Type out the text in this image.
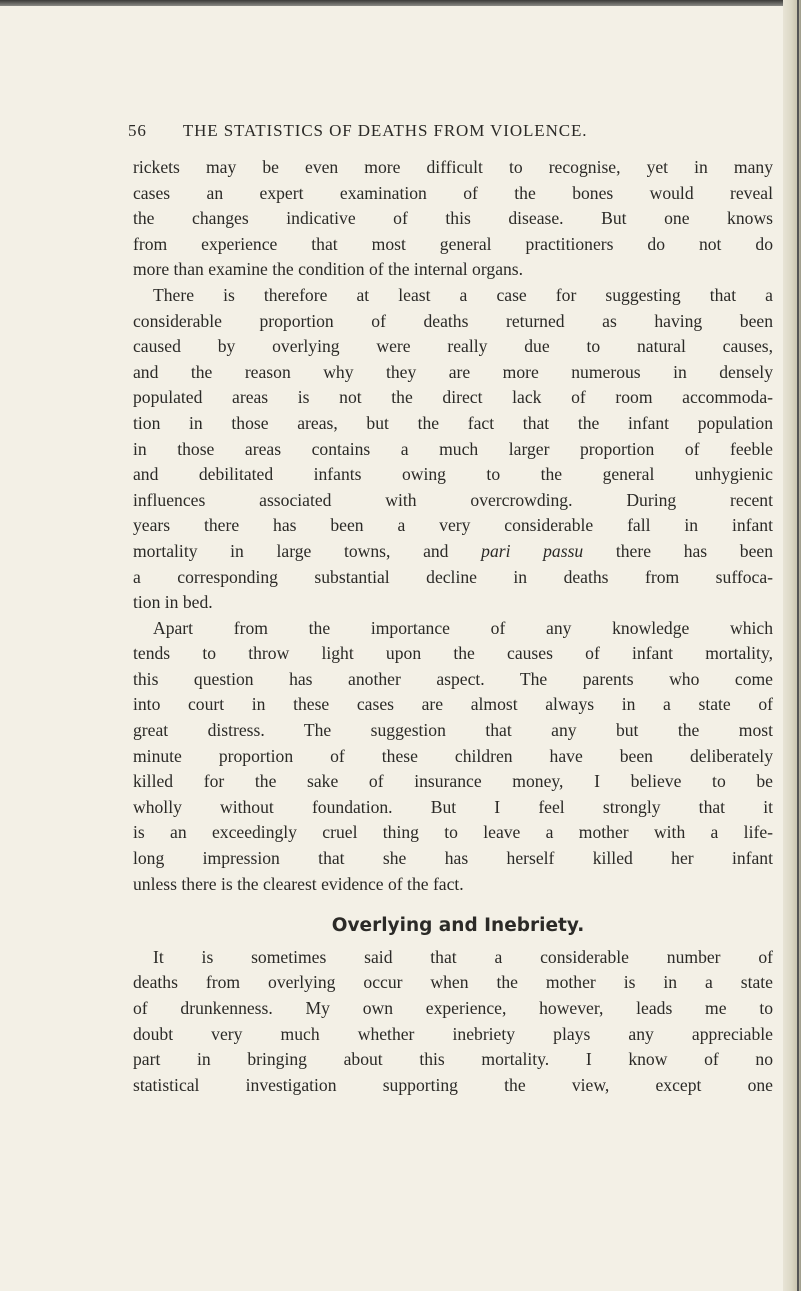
56 THE STATISTICS OF DEATHS FROM VIOLENCE.
rickets may be even more difficult to recognise, yet in many
cases an expert examination of the bones would reveal
the changes indicative of this disease. But one knows
from experience that most general practitioners do not do
more than examine the condition of the internal organs.
There is therefore at least a case for suggesting that a
considerable proportion of deaths returned as having been
caused by overlying were really due to natural causes,
and the reason why they are more numerous in densely
populated areas is not the direct lack of room accommoda-
tion in those areas, but the fact that the infant population
in those areas contains a much larger proportion of feeble
and debilitated infants owing to the general unhygienic
influences associated with overcrowding. During recent
years there has been a very considerable fall in infant
mortality in large towns, and pari passu there has been
a corresponding substantial decline in deaths from suffoca-
tion in bed.
Apart from the importance of any knowledge which
tends to throw light upon the causes of infant mortality,
this question has another aspect. The parents who come
into court in these cases are almost always in a state of
great distress. The suggestion that any but the most
minute proportion of these children have been deliberately
killed for the sake of insurance money, I believe to be
wholly without foundation. But I feel strongly that it
is an exceedingly cruel thing to leave a mother with a life-
long impression that she has herself killed her infant
unless there is the clearest evidence of the fact.
Overlying and Inebriety.
It is sometimes said that a considerable number of
deaths from overlying occur when the mother is in a state
of drunkenness. My own experience, however, leads me to
doubt very much whether inebriety plays any appreciable
part in bringing about this mortality. I know of no
statistical investigation supporting the view, except one
